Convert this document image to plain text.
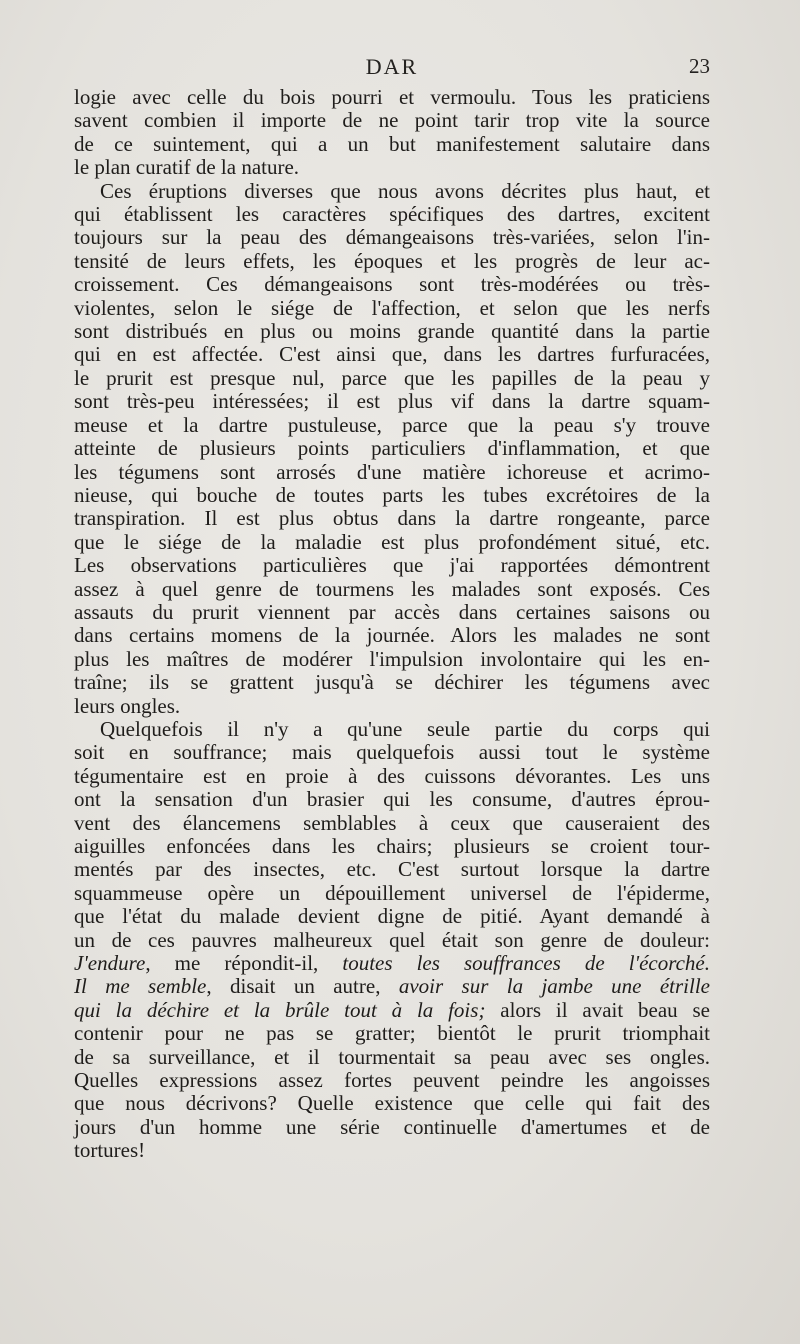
DAR	23

logie avec celle du bois pourri et vermoulu. Tous les praticiens
savent combien il importe de ne point tarir trop vite la source
de ce suintement, qui a un but manifestement salutaire dans
le plan curatif de la nature.

Ces éruptions diverses que nous avons décrites plus haut, et
qui établissent les caractères spécifiques des dartres, excitent
toujours sur la peau des démangeaisons très-variées, selon l'in-
tensité de leurs effets, les époques et les progrès de leur ac-
croissement. Ces démangeaisons sont très-modérées ou très-
violentes, selon le siége de l'affection, et selon que les nerfs
sont distribués en plus ou moins grande quantité dans la partie
qui en est affectée. C'est ainsi que, dans les dartres furfuracées,
le prurit est presque nul, parce que les papilles de la peau y
sont très-peu intéressées; il est plus vif dans la dartre squam-
meuse et la dartre pustuleuse, parce que la peau s'y trouve
atteinte de plusieurs points particuliers d'inflammation, et que
les tégumens sont arrosés d'une matière ichoreuse et acrimo-
nieuse, qui bouche de toutes parts les tubes excrétoires de la
transpiration. Il est plus obtus dans la dartre rongeante, parce
que le siége de la maladie est plus profondément situé, etc.
Les observations particulières que j'ai rapportées démontrent
assez à quel genre de tourmens les malades sont exposés. Ces
assauts du prurit viennent par accès dans certaines saisons ou
dans certains momens de la journée. Alors les malades ne sont
plus les maîtres de modérer l'impulsion involontaire qui les en-
traîne; ils se grattent jusqu'à se déchirer les tégumens avec
leurs ongles.

Quelquefois il n'y a qu'une seule partie du corps qui
soit en souffrance; mais quelquefois aussi tout le système
tégumentaire est en proie à des cuissons dévorantes. Les uns
ont la sensation d'un brasier qui les consume, d'autres éprou-
vent des élancemens semblables à ceux que causeraient des
aiguilles enfoncées dans les chairs; plusieurs se croient tour-
mentés par des insectes, etc. C'est surtout lorsque la dartre
squammeuse opère un dépouillement universel de l'épiderme,
que l'état du malade devient digne de pitié. Ayant demandé à
un de ces pauvres malheureux quel était son genre de douleur:
J'endure, me répondit-il, toutes les souffrances de l'écorché.
Il me semble, disait un autre, avoir sur la jambe une étrille
qui la déchire et la brûle tout à la fois; alors il avait beau se
contenir pour ne pas se gratter; bientôt le prurit triomphait
de sa surveillance, et il tourmentait sa peau avec ses ongles.
Quelles expressions assez fortes peuvent peindre les angoisses
que nous décrivons? Quelle existence que celle qui fait des
jours d'un homme une série continuelle d'amertumes et de
tortures!
